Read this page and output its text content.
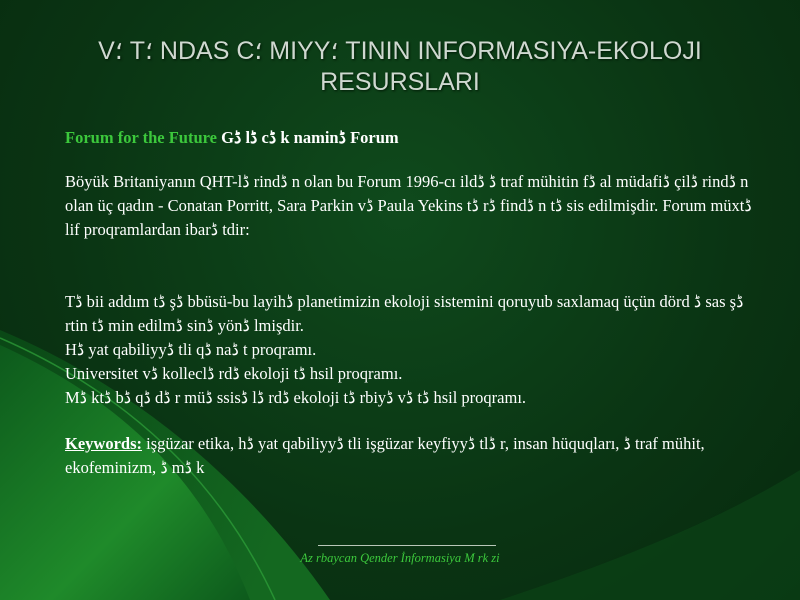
V؛ T؛ NDAS C؛ MIYY؛ TININ INFORMASIYA-EKOLOJI RESURSLARI

Forum for the Future Gڈ lڈ cڈ k naminڈ Forum

Böyük Britaniyanın QHT-lڈ rindڈ n olan bu Forum 1996-cı ildڈ ڈ traf mühitin fڈ al müdafiڈ çilڈ rindڈ n olan üç qadın - Conatan Porritt, Sara Parkin vڈ Paula Yekins tڈ rڈ findڈ n tڈ sis edilmişdir. Forum müxtڈ lif proqramlardan ibarڈ tdir:

Tڈ bii addım tڈ şڈ bbüsü-bu layihڈ planetimizin ekoloji sistemini qoruyub saxlamaq üçün dörd ڈ sas şڈ rtin tڈ min edilmڈ sinڈ yönڈ lmişdir.

Hڈ yat qabiliyyڈ tli qڈ naڈ t proqramı.

Universitet vڈ kolleclڈ rdڈ ekoloji tڈ hsil proqramı.

Mڈ ktڈ bڈ qڈ dڈ r müڈ ssisڈ lڈ rdڈ ekoloji tڈ rbiyڈ vڈ tڈ hsil proqramı.

Keywords: işgüzar etika, hڈ yat qabiliyyڈ tli işgüzar keyfiyyڈ tlڈ r, insan hüquqları, ڈ traf mühit, ekofeminizm, ڈ mڈ k

Az rbaycan Qender İnformasiya M rk zi
